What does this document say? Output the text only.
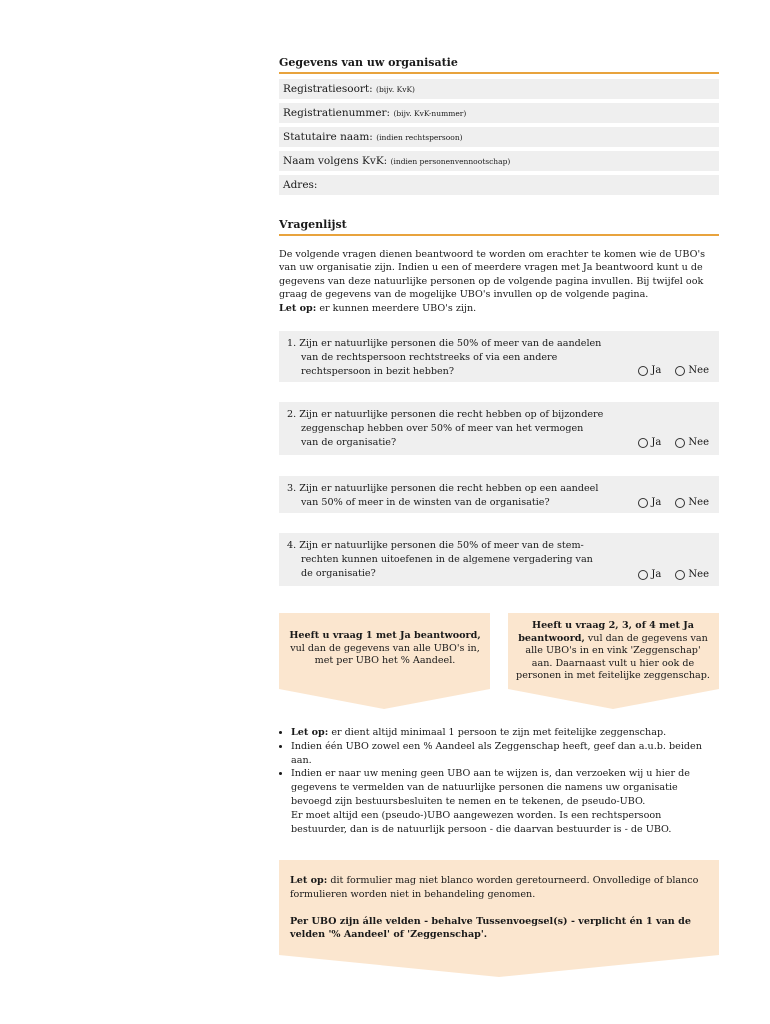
Gegevens van uw organisatie

Registratiesoort: (bijv. KvK)
Registratienummer: (bijv. KvK-nummer)
Statutaire naam: (indien rechtspersoon)
Naam volgens KvK: (indien personenvennootschap)
Adres:

Vragenlijst

De volgende vragen dienen beantwoord te worden om erachter te komen wie de UBO's van uw organisatie zijn. Indien u een of meerdere vragen met Ja beantwoord kunt u de gegevens van deze natuurlijke personen op de volgende pagina invullen. Bij twijfel ook graag de gegevens van de mogelijke UBO's invullen op de volgende pagina.
Let op: er kunnen meerdere UBO's zijn.

1. Zijn er natuurlijke personen die 50% of meer van de aandelen
van de rechtspersoon rechtstreeks of via een andere
rechtspersoon in bezit hebben?	Ja	Nee
2. Zijn er natuurlijke personen die recht hebben op of bijzondere
zeggenschap hebben over 50% of meer van het vermogen
van de organisatie?	Ja	Nee
3. Zijn er natuurlijke personen die recht hebben op een aandeel
van 50% of meer in de winsten van de organisatie?	Ja	Nee
4. Zijn er natuurlijke personen die 50% of meer van de stem-
rechten kunnen uitoefenen in de algemene vergadering van
de organisatie?	Ja	Nee
Heeft u vraag 1 met Ja beantwoord, vul dan de gegevens van alle UBO's in, met per UBO het % Aandeel.
Heeft u vraag 2, 3, of 4 met Ja beantwoord, vul dan de gegevens van alle UBO's in en vink 'Zeggenschap' aan. Daarnaast vult u hier ook de personen in met feitelijke zeggenschap.
• Let op: er dient altijd minimaal 1 persoon te zijn met feitelijke zeggenschap.
• Indien één UBO zowel een % Aandeel als Zeggenschap heeft, geef dan a.u.b. beiden aan.
• Indien er naar uw mening geen UBO aan te wijzen is, dan verzoeken wij u hier de gegevens te vermelden van de natuurlijke personen die namens uw organisatie bevoegd zijn bestuursbesluiten te nemen en te tekenen, de pseudo-UBO.
Er moet altijd een (pseudo-)UBO aangewezen worden. Is een rechtspersoon bestuurder, dan is de natuurlijk persoon - die daarvan bestuurder is - de UBO.
Let op: dit formulier mag niet blanco worden geretourneerd. Onvolledige of blanco formulieren worden niet in behandeling genomen.
Per UBO zijn álle velden - behalve Tussenvoegsel(s) - verplicht én 1 van de velden '% Aandeel' of 'Zeggenschap'.
